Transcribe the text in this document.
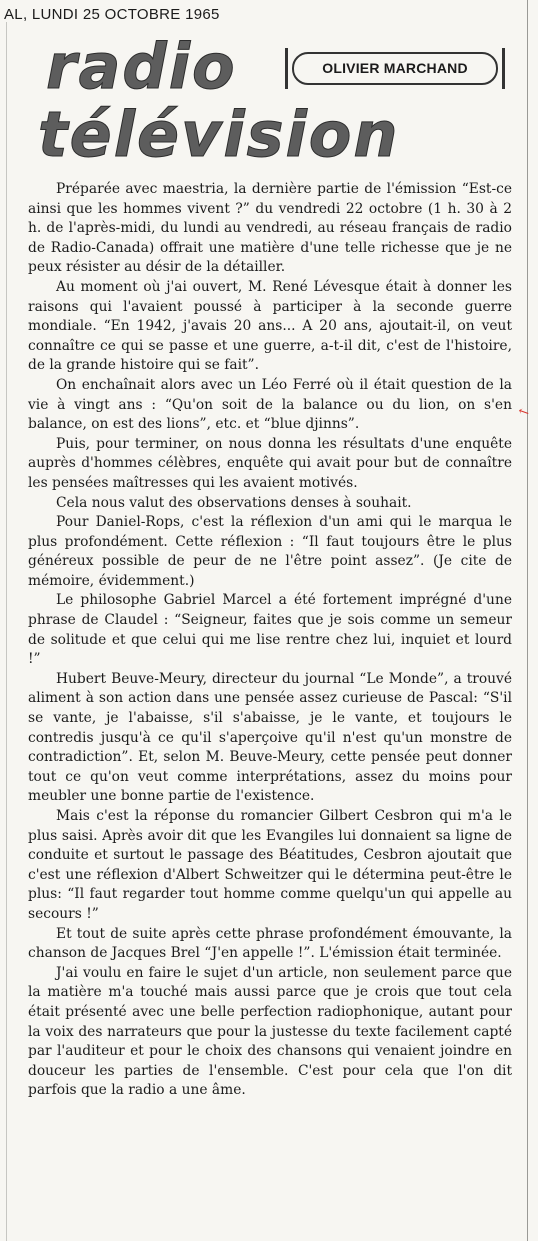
AL, LUNDI 25 OCTOBRE 1965
radio	OLIVIER MARCHAND
télévision

Préparée avec maestria, la dernière partie de l'émission “Est-ce ainsi que les hommes vivent ?” du vendredi 22 octobre (1 h. 30 à 2 h. de l'après-midi, du lundi au vendredi, au réseau français de radio de Radio-Canada) offrait une matière d'une telle richesse que je ne peux résister au désir de la détailler.

Au moment où j'ai ouvert, M. René Lévesque était à donner les raisons qui l'avaient poussé à participer à la seconde guerre mondiale. “En 1942, j'avais 20 ans... A 20 ans, ajoutait-il, on veut connaître ce qui se passe et une guerre, a-t-il dit, c'est de l'histoire, de la grande histoire qui se fait”.

On enchaînait alors avec un Léo Ferré où il était question de la vie à vingt ans : “Qu'on soit de la balance ou du lion, on s'en balance, on est des lions”, etc. et “blue djinns”.

Puis, pour terminer, on nous donna les résultats d'une enquête auprès d'hommes célèbres, enquête qui avait pour but de connaître les pensées maîtresses qui les avaient motivés.

Cela nous valut des observations denses à souhait.

Pour Daniel-Rops, c'est la réflexion d'un ami qui le marqua le plus profondément. Cette réflexion : “Il faut toujours être le plus généreux possible de peur de ne l'être point assez”. (Je cite de mémoire, évidemment.)

Le philosophe Gabriel Marcel a été fortement imprégné d'une phrase de Claudel : “Seigneur, faites que je sois comme un semeur de solitude et que celui qui me lise rentre chez lui, inquiet et lourd !”

Hubert Beuve-Meury, directeur du journal “Le Monde”, a trouvé aliment à son action dans une pensée assez curieuse de Pascal: “S'il se vante, je l'abaisse, s'il s'abaisse, je le vante, et toujours le contredis jusqu'à ce qu'il s'aperçoive qu'il n'est qu'un monstre de contradiction”. Et, selon M. Beuve-Meury, cette pensée peut donner tout ce qu'on veut comme interprétations, assez du moins pour meubler une bonne partie de l'existence.

Mais c'est la réponse du romancier Gilbert Cesbron qui m'a le plus saisi. Après avoir dit que les Evangiles lui donnaient sa ligne de conduite et surtout le passage des Béatitudes, Cesbron ajoutait que c'est une réflexion d'Albert Schweitzer qui le détermina peut-être le plus: “Il faut regarder tout homme comme quelqu'un qui appelle au secours !”

Et tout de suite après cette phrase profondément émouvante, la chanson de Jacques Brel “J'en appelle !”. L'émission était terminée.

J'ai voulu en faire le sujet d'un article, non seulement parce que la matière m'a touché mais aussi parce que je crois que tout cela était présenté avec une belle perfection radiophonique, autant pour la voix des narrateurs que pour la justesse du texte facilement capté par l'auditeur et pour le choix des chansons qui venaient joindre en douceur les parties de l'ensemble. C'est pour cela que l'on dit parfois que la radio a une âme.

←
